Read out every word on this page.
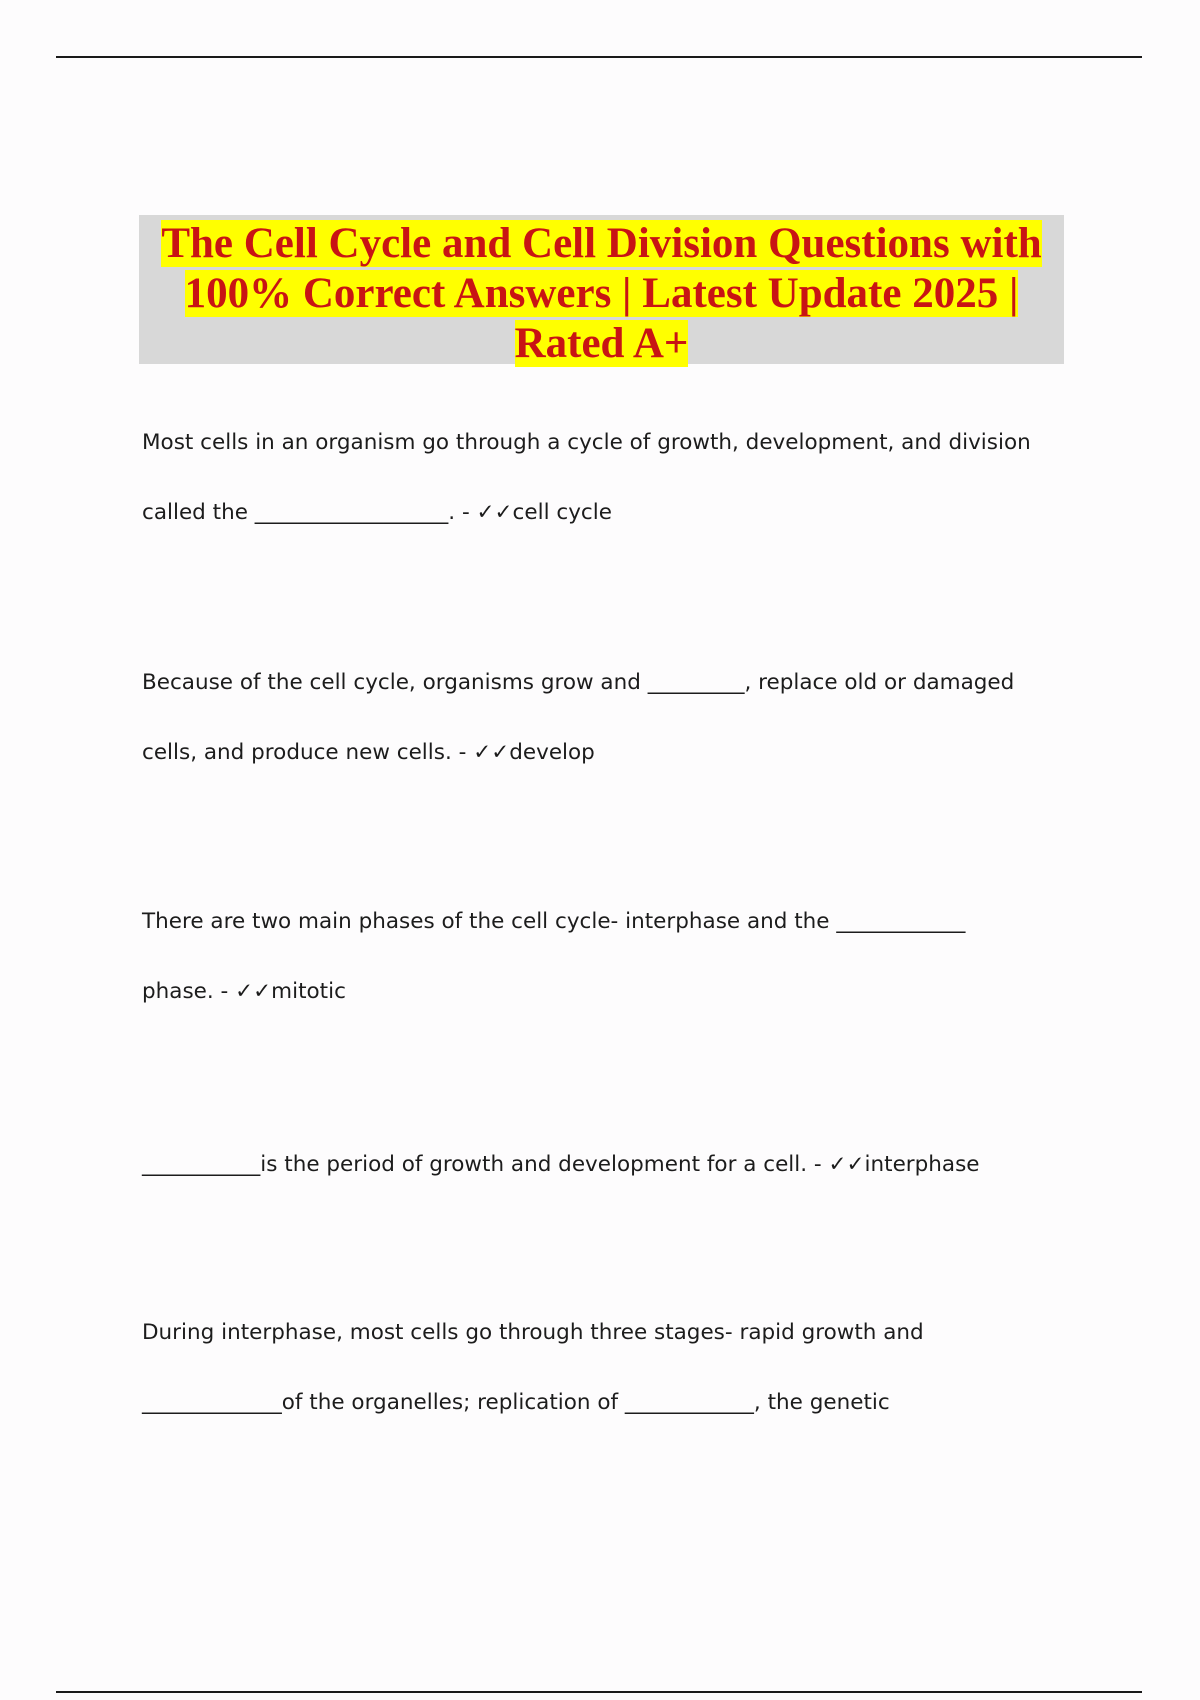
The Cell Cycle and Cell Division Questions with 100% Correct Answers | Latest Update 2025 | Rated A+
Most cells in an organism go through a cycle of growth, development, and division
called the __________________. - ✓✓cell cycle
Because of the cell cycle, organisms grow and _________, replace old or damaged
cells, and produce new cells. - ✓✓develop
There are two main phases of the cell cycle- interphase and the ____________
phase. - ✓✓mitotic
___________is the period of growth and development for a cell. - ✓✓interphase
During interphase, most cells go through three stages- rapid growth and
_____________of the organelles; replication of ____________, the genetic
